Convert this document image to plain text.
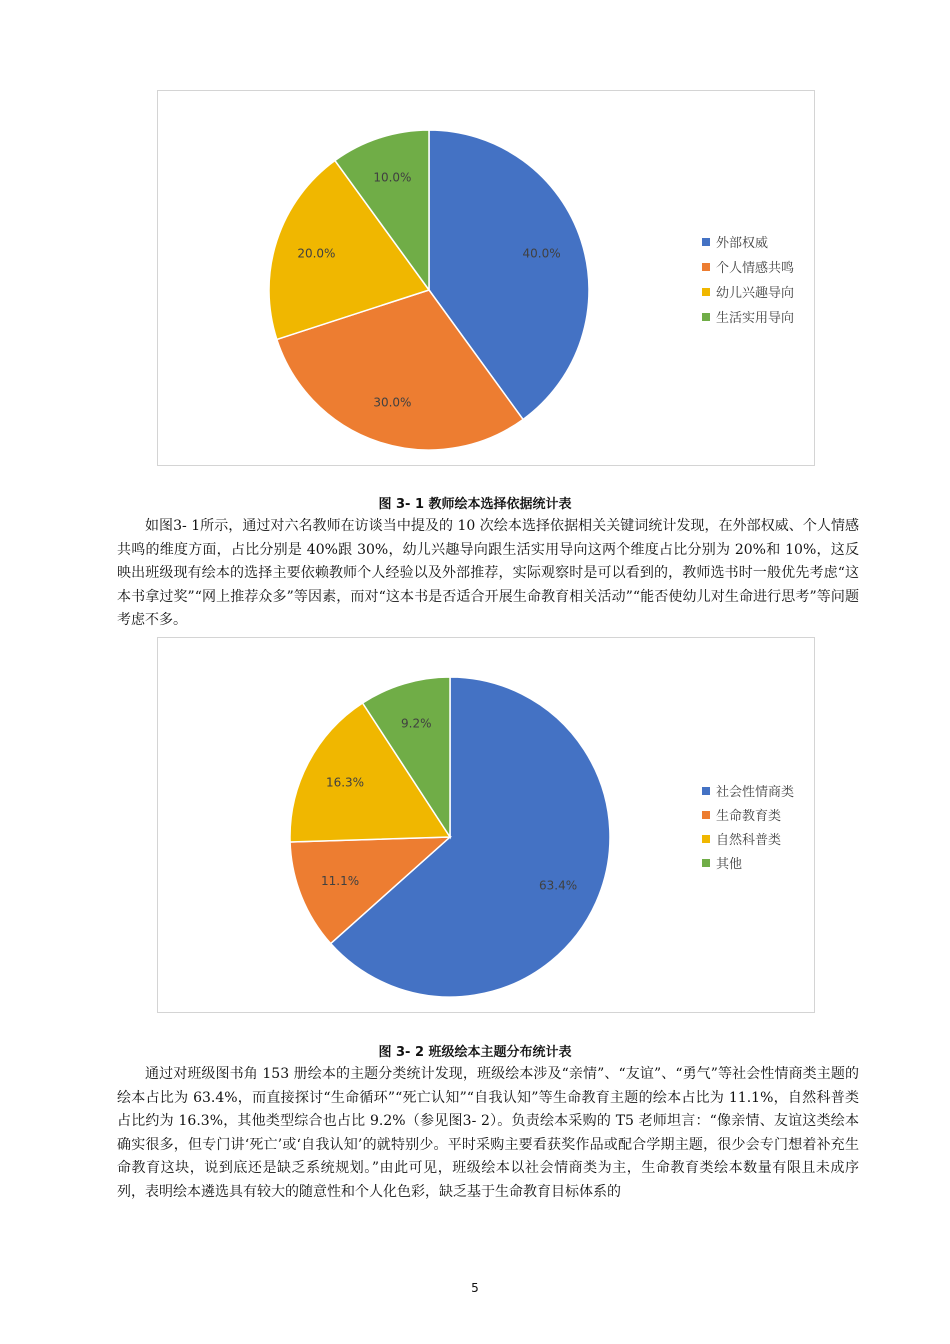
40.0%
30.0%
20.0%
10.0%
外部权威
个人情感共鸣
幼儿兴趣导向
生活实用导向
图 3- 1 教师绘本选择依据统计表

如图3- 1所示，通过对六名教师在访谈当中提及的 10 次绘本选择依据相关关键词统计发现，在外部权威、个人情感共鸣的维度方面，占比分别是 40%跟 30%，幼儿兴趣导向跟生活实用导向这两个维度占比分别为 20%和 10%，这反映出班级现有绘本的选择主要依赖教师个人经验以及外部推荐，实际观察时是可以看到的，教师选书时一般优先考虑“这本书拿过奖”“网上推荐众多”等因素，而对“这本书是否适合开展生命教育相关活动”“能否使幼儿对生命进行思考”等问题考虑不多。

63.4%
11.1%
16.3%
9.2%
社会性情商类
生命教育类
自然科普类
其他
图 3- 2 班级绘本主题分布统计表

通过对班级图书角 153 册绘本的主题分类统计发现，班级绘本涉及“亲情”、“友谊”、“勇气”等社会性情商类主题的绘本占比为 63.4%，而直接探讨“生命循环”“死亡认知”“自我认知”等生命教育主题的绘本占比为 11.1%，自然科普类占比约为 16.3%，其他类型综合也占比 9.2%（参见图3- 2）。负责绘本采购的 T5 老师坦言：“像亲情、友谊这类绘本确实很多，但专门讲‘死亡’或‘自我认知’的就特别少。平时采购主要看获奖作品或配合学期主题，很少会专门想着补充生命教育这块，说到底还是缺乏系统规划。”由此可见，班级绘本以社会情商类为主，生命教育类绘本数量有限且未成序列，表明绘本遴选具有较大的随意性和个人化色彩，缺乏基于生命教育目标体系的

5
